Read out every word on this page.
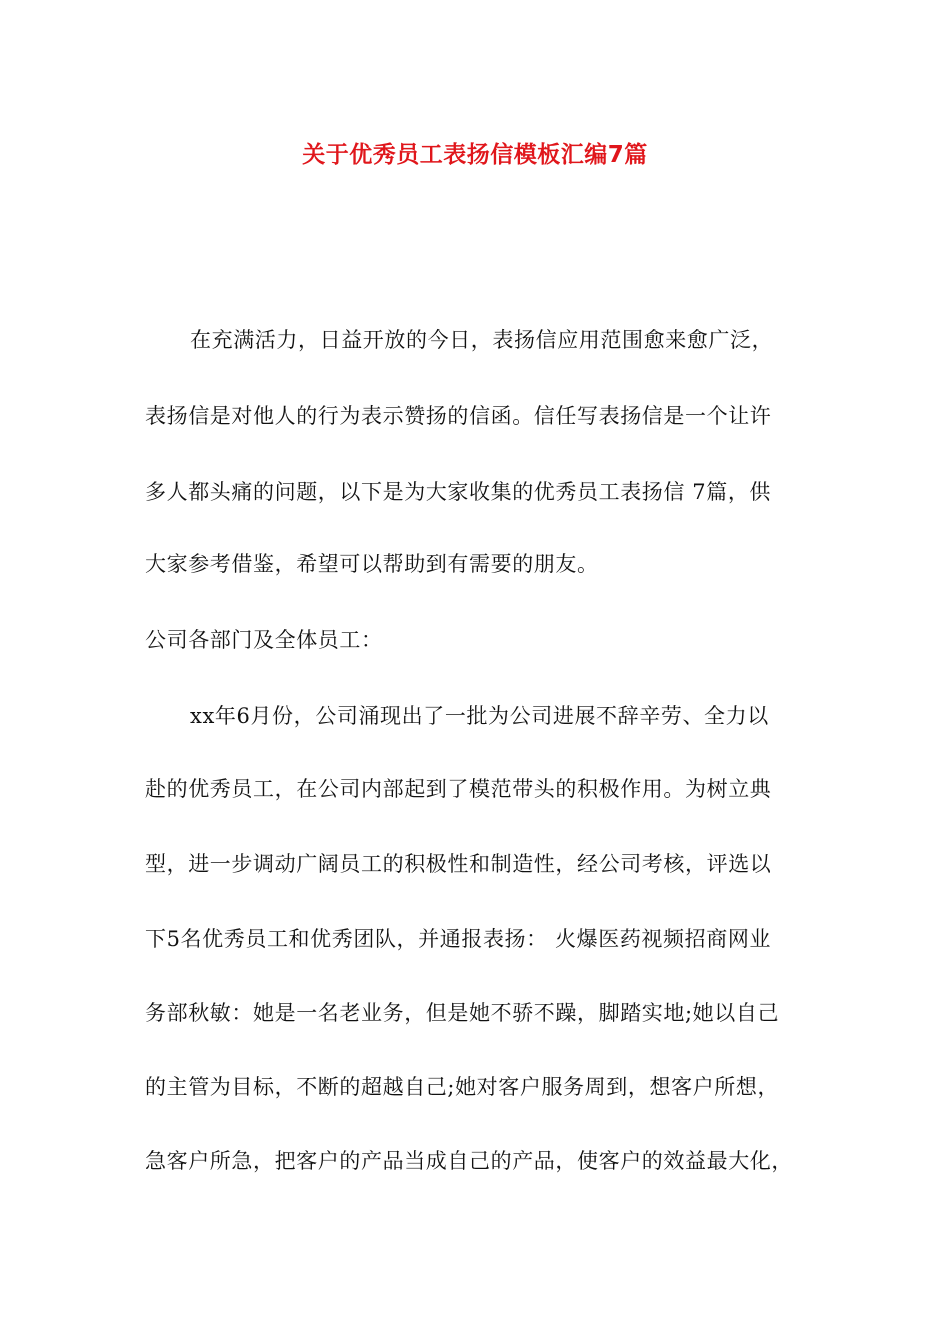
关于优秀员工表扬信模板汇编7篇
在充满活力，日益开放的今日，表扬信应用范围愈来愈广泛，
表扬信是对他人的行为表示赞扬的信函。信任写表扬信是一个让许
多人都头痛的问题，以下是为大家收集的优秀员工表扬信 7篇，供
大家参考借鉴，希望可以帮助到有需要的朋友。
公司各部门及全体员工：
xx年6月份，公司涌现出了一批为公司进展不辞辛劳、全力以
赴的优秀员工，在公司内部起到了模范带头的积极作用。为树立典
型，进一步调动广阔员工的积极性和制造性，经公司考核，评选以
下5名优秀员工和优秀团队，并通报表扬： 火爆医药视频招商网业
务部秋敏：她是一名老业务，但是她不骄不躁，脚踏实地;她以自己
的主管为目标，不断的超越自己;她对客户服务周到，想客户所想，
急客户所急，把客户的产品当成自己的产品，使客户的效益最大化，
